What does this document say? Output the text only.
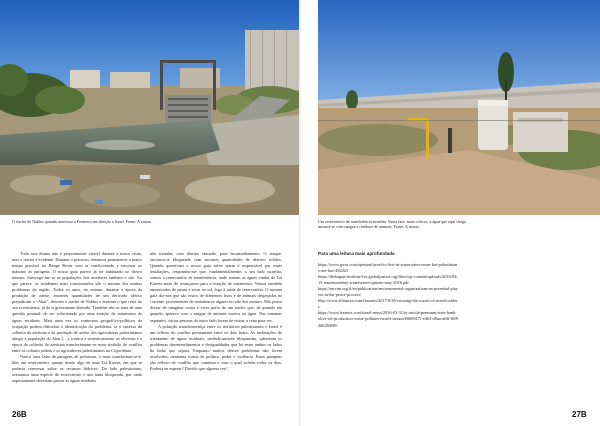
O riacho de Nablus quando atravessa a Fronteira em direção a Israel. Fonte: A autora

Tudo esta drama não é propriamente visível durante a nossa visita, mas o cheiro é evidente. Durante o percurso, tentamos permanecer a maior tempo possível no Range Rover com ar condicionado e encostar ao máximo as paragens. O nosso guia parece já ter habituado ao cheiro intenso. Interrogo-me se as populações dos arredores também o são. Ao que parece, os residentes mais transtornados são o mesmo dos muitos problemas da região. Todos os anos, no outono, durante a época da produção de azeite, enormes quantidades de um derivado oleoso prejudicam o “Akar”, descem o riacho de Nablus e arrasam o que resta do seu ecossistema, já de si gravemente alterado. Também não se trata de uma questão pontual: de ser solucionada por uma estação de tratamento de águas residuais. Mais uma vez os contornos geográfico-políticos da ocupação podem dificultar a identificação do problema: se o sucesso da colheita da azeitona e da produção de azeite dos agricultores palestinianos atingir a população do Akar (…), irónica e simetricamente, as oliveiras e a época da colheita da azeitona transformaram-se num símbolo de conflito entre os colonos judeus e os agricultores palestinianos na Cisjordânia.

Nunca ouvi falar de paragens ali próximas, e mais transformar-se-á-lhes um reservatório, quanto muito algo de uma Tal Karem, em que se poderia conversar sobre os recursos hídricos. Do lado palestiniano, avistamos uma espécie de reservatório e um tanto bloqueado, por onde supostamente deveriam passar as águas residuais

não tratadas, com destino afastado, para encaminhamento. O tanque, encontra-se bloqueado com enormes quantidades de detritos sólidos. Quando questionei o nosso guia sobre quem é responsável por essas instalações, respondeu-me que, fundamentalmente, a seu lado israelita, vemos o reservatório de transferência, onde entram as águas vindas de Tal Karem antes de avançarem para a estação de tratamento. Vemos também amontoados de penas e secar ao sol, logo à saída do reservatório. O mesmo guia diz-nos que são restos de diferentes lixos e de animais despejados na corrente, provenientes de matadouros algures no alto dos montes. Não posso deixar de imaginar como é viver perto de um riacho que, de quando em quando, aparece com o sangue de animais mortos na água. Nas semanas seguintes, várias pessoas do outro lado foram de visitar a cena para ver.

A poluição transfronteiriça entre os territórios palestinianos e Israel é um reflexo do conflito permanente entre os dois lados. As inclinações do tratamento de águas residuais, simbolicamente bloqueadas, salientam os problemas desentendimentos e desigualdades que há entre ambos os lados da linha que separa. Enquanto muitos desses problemas não forem resolvidos, nenhuma forma de política, poder e violência. Estas paragens são reflexo do conflito que continua e com o qual sofrem todos os dias. Poderia eu esperar? Duvido que alguma vez?

26B
Um reservatório de transferência israelita. Nesta fase, mais críticos, a água que aqui chega mistura-se com sangue e resíduos de animais. Fonte: A autora
Para uma leitura mais aprofundada

https://www.jpost.com/opinion/israel-is-first-in-wastewater-reuse-but-palestinians-are-last-482023

https://thehague-institute-for-globaljustice.org/files/wp-content/uploads/2016/03/15-transboundary-wastewater-options-may-2016.pdf

https://mivim.org.il/en/publication/environmental-organizations-as-potential-players-in-the-peace-process/

http://www.alliancea.com/features/2017/9/18/crossing-the-waste-of-israeli-settlers

https://www.haaretz.com/israel-news/2016-03-31/ty-article/premium/west-bank-olive-oil-production-waste-pollutes-israeli-stream/0000017f-e463-d9aa-affff-6ff92d0d50000

27B
